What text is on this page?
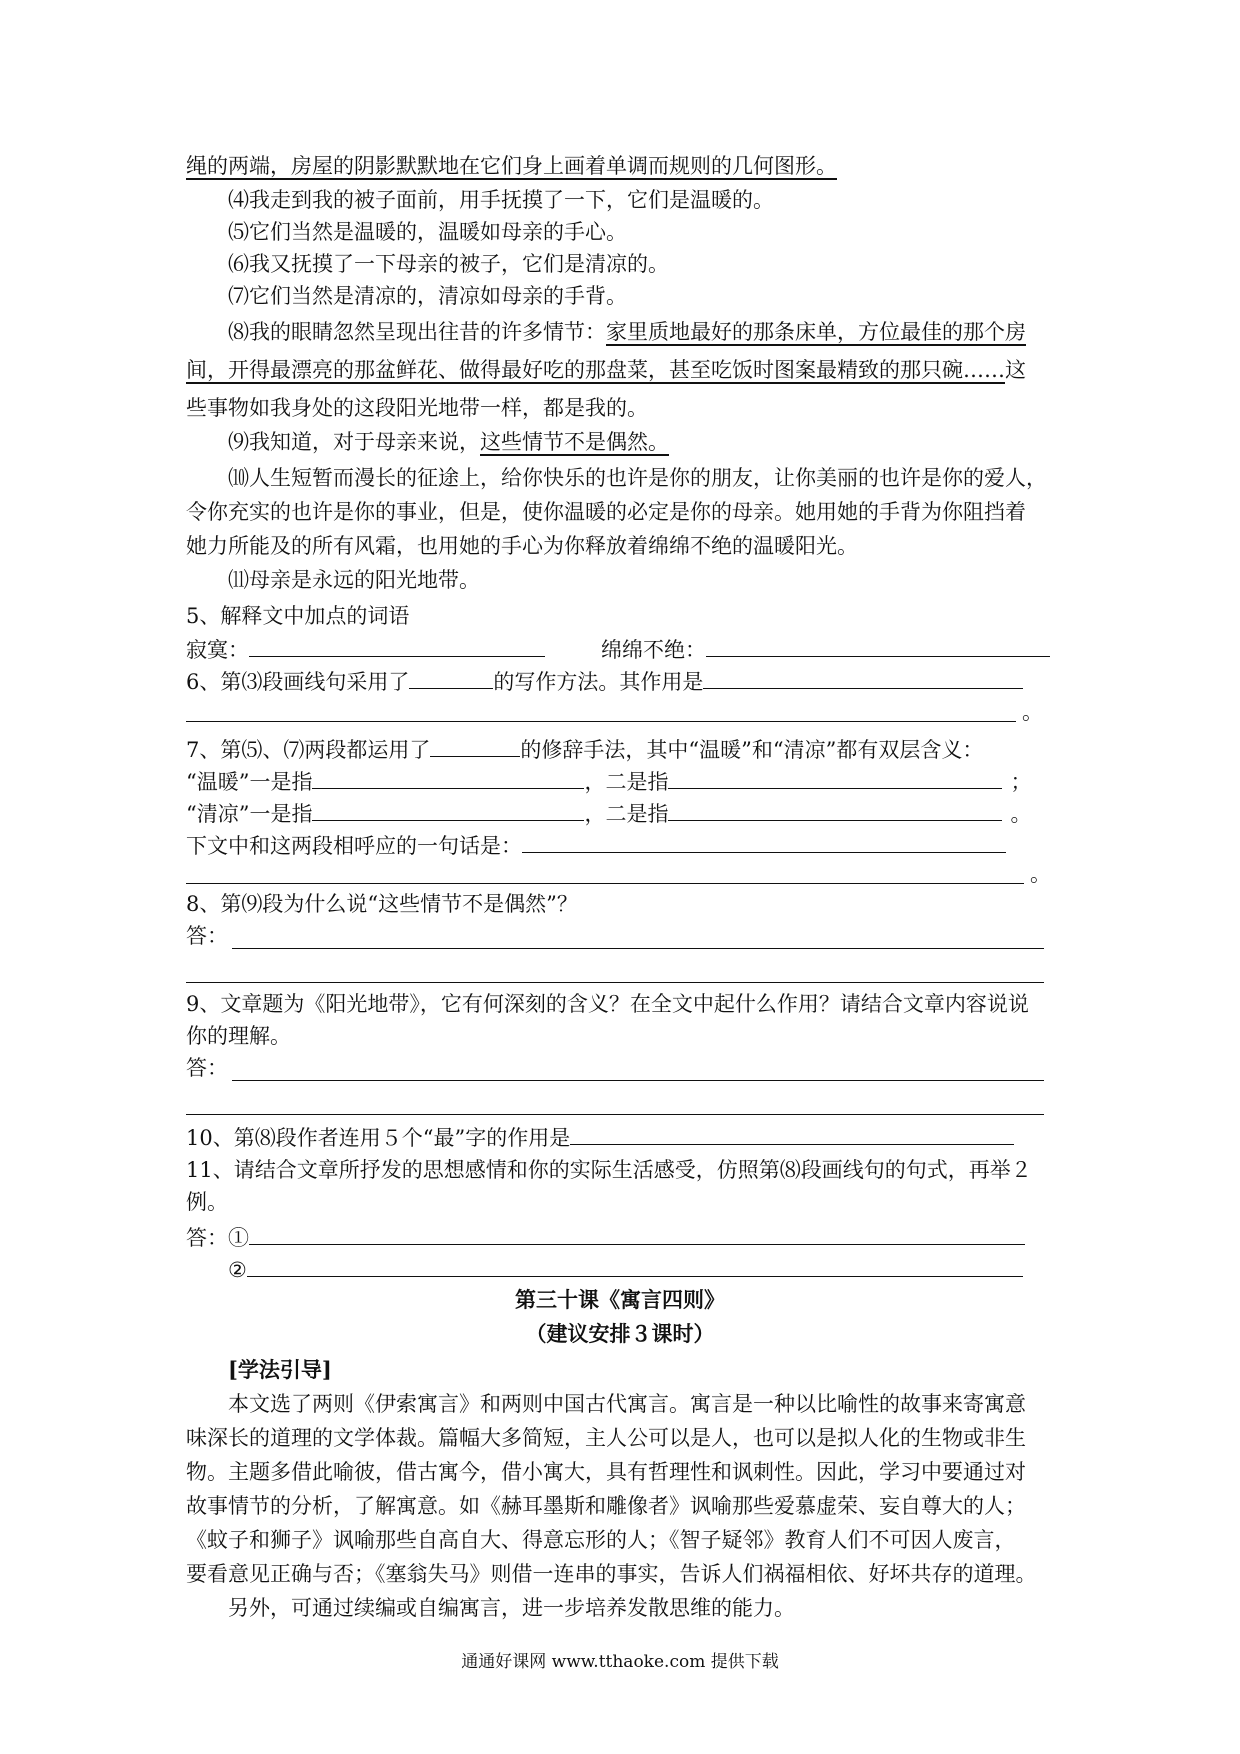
绳的两端，房屋的阴影默默地在它们身上画着单调而规则的几何图形。
⑷我走到我的被子面前，用手抚摸了一下，它们是温暖的。
⑸它们当然是温暖的，温暖如母亲的手心。
⑹我又抚摸了一下母亲的被子，它们是清凉的。
⑺它们当然是清凉的，清凉如母亲的手背。
⑻我的眼睛忽然呈现出往昔的许多情节：家里质地最好的那条床单，方位最佳的那个房
间，开得最漂亮的那盆鲜花、做得最好吃的那盘菜，甚至吃饭时图案最精致的那只碗……这
些事物如我身处的这段阳光地带一样，都是我的。
⑼我知道，对于母亲来说，这些情节不是偶然。
⑽人生短暂而漫长的征途上，给你快乐的也许是你的朋友，让你美丽的也许是你的爱人，
令你充实的也许是你的事业，但是，使你温暖的必定是你的母亲。她用她的手背为你阻挡着
她力所能及的所有风霜，也用她的手心为你释放着绵绵不绝的温暖阳光。
⑾母亲是永远的阳光地带。
5、解释文中加点的词语
寂寞：	绵绵不绝：
6、第⑶段画线句采用了	的写作方法。其作用是
。
7、第⑸、⑺两段都运用了	的修辞手法，其中“温暖”和“清凉”都有双层含义：
“温暖”一是指	，二是指	；
“清凉”一是指	，二是指	。
下文中和这两段相呼应的一句话是：
。
8、第⑼段为什么说“这些情节不是偶然”？
答：
9、文章题为《阳光地带》，它有何深刻的含义？在全文中起什么作用？请结合文章内容说说
你的理解。
答：
10、第⑻段作者连用５个“最”字的作用是
11、请结合文章所抒发的思想感情和你的实际生活感受，仿照第⑻段画线句的句式，再举２
例。
答：①
②
第三十课《寓言四则》
（建议安排３课时）
[学法引导]
本文选了两则《伊索寓言》和两则中国古代寓言。寓言是一种以比喻性的故事来寄寓意
味深长的道理的文学体裁。篇幅大多简短，主人公可以是人，也可以是拟人化的生物或非生
物。主题多借此喻彼，借古寓今，借小寓大，具有哲理性和讽刺性。因此，学习中要通过对
故事情节的分析，了解寓意。如《赫耳墨斯和雕像者》讽喻那些爱慕虚荣、妄自尊大的人；
《蚊子和狮子》讽喻那些自高自大、得意忘形的人；《智子疑邻》教育人们不可因人废言，
要看意见正确与否；《塞翁失马》则借一连串的事实，告诉人们祸福相依、好坏共存的道理。
另外，可通过续编或自编寓言，进一步培养发散思维的能力。
通通好课网 www.tthaoke.com 提供下载
